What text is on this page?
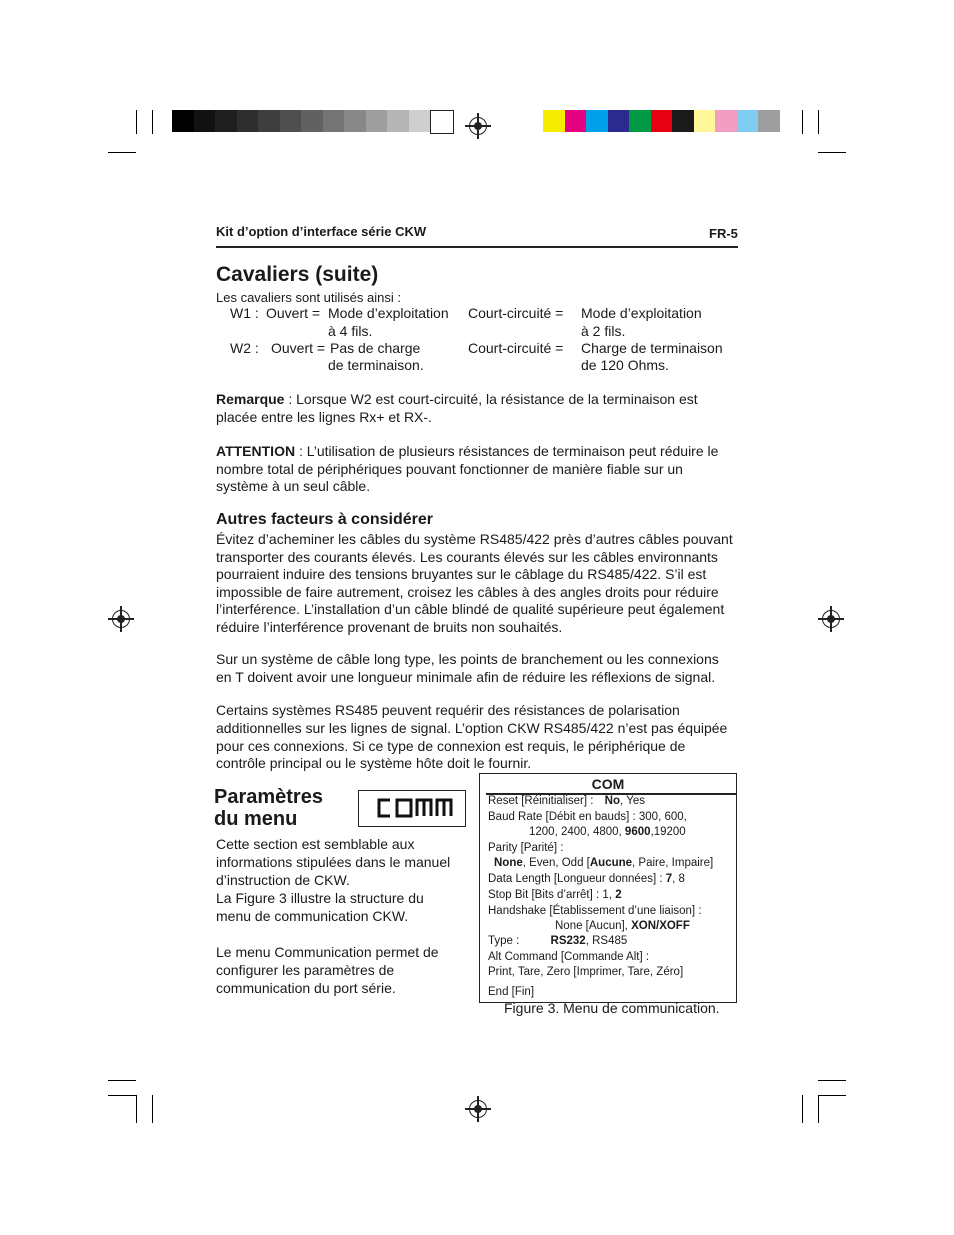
Kit d’option d’interface série CKW	FR-5
Cavaliers (suite)
Les cavaliers sont utilisés ainsi :
W1 : Ouvert = Mode d’exploitation
à 4 fils.
Court-circuité = Mode d’exploitation
à 2 fils.
W2 : Ouvert = Pas de charge
de terminaison.
Court-circuité = Charge de terminaison
de 120 Ohms.
Remarque : Lorsque W2 est court-circuité, la résistance de la terminaison est placée entre les lignes Rx+ et RX-.
ATTENTION : L’utilisation de plusieurs résistances de terminaison peut réduire le nombre total de périphériques pouvant fonctionner de manière fiable sur un système à un seul câble.
Autres facteurs à considérer
Évitez d’acheminer les câbles du système RS485/422 près d’autres câbles pouvant transporter des courants élevés. Les courants élevés sur les câbles environnants pourraient induire des tensions bruyantes sur le câblage du RS485/422. S’il est impossible de faire autrement, croisez les câbles à des angles droits pour réduire l’interférence. L’installation d’un câble blindé de qualité supérieure peut également réduire l’interférence provenant de bruits non souhaités.
Sur un système de câble long type, les points de branchement ou les connexions en T doivent avoir une longueur minimale afin de réduire les réflexions de signal.
Certains systèmes RS485 peuvent requérir des résistances de polarisation additionnelles sur les lignes de signal. L’option CKW RS485/422 n’est pas équipée pour ces connexions. Si ce type de connexion est requis, le périphérique de contrôle principal ou le système hôte doit le fournir.
Paramètres
du menu
Cette section est semblable aux informations stipulées dans le manuel d’instruction de CKW.
La Figure 3 illustre la structure du menu de communication CKW.
Le menu Communication permet de configurer les paramètres de communication du port série.
COM
Reset [Réinitialiser] : No, Yes
Baud Rate [Débit en bauds] : 300, 600,
1200, 2400, 4800, 9600,19200
Parity [Parité] :
None, Even, Odd [Aucune, Paire, Impaire]
Data Length [Longueur données] : 7, 8
Stop Bit [Bits d’arrêt] : 1, 2
Handshake [Établissement d’une liaison] :
None [Aucun], XON/XOFF
Type :	RS232, RS485
Alt Command [Commande Alt] :
Print, Tare, Zero [Imprimer, Tare, Zéro]
End [Fin]
Figure 3. Menu de communication.
